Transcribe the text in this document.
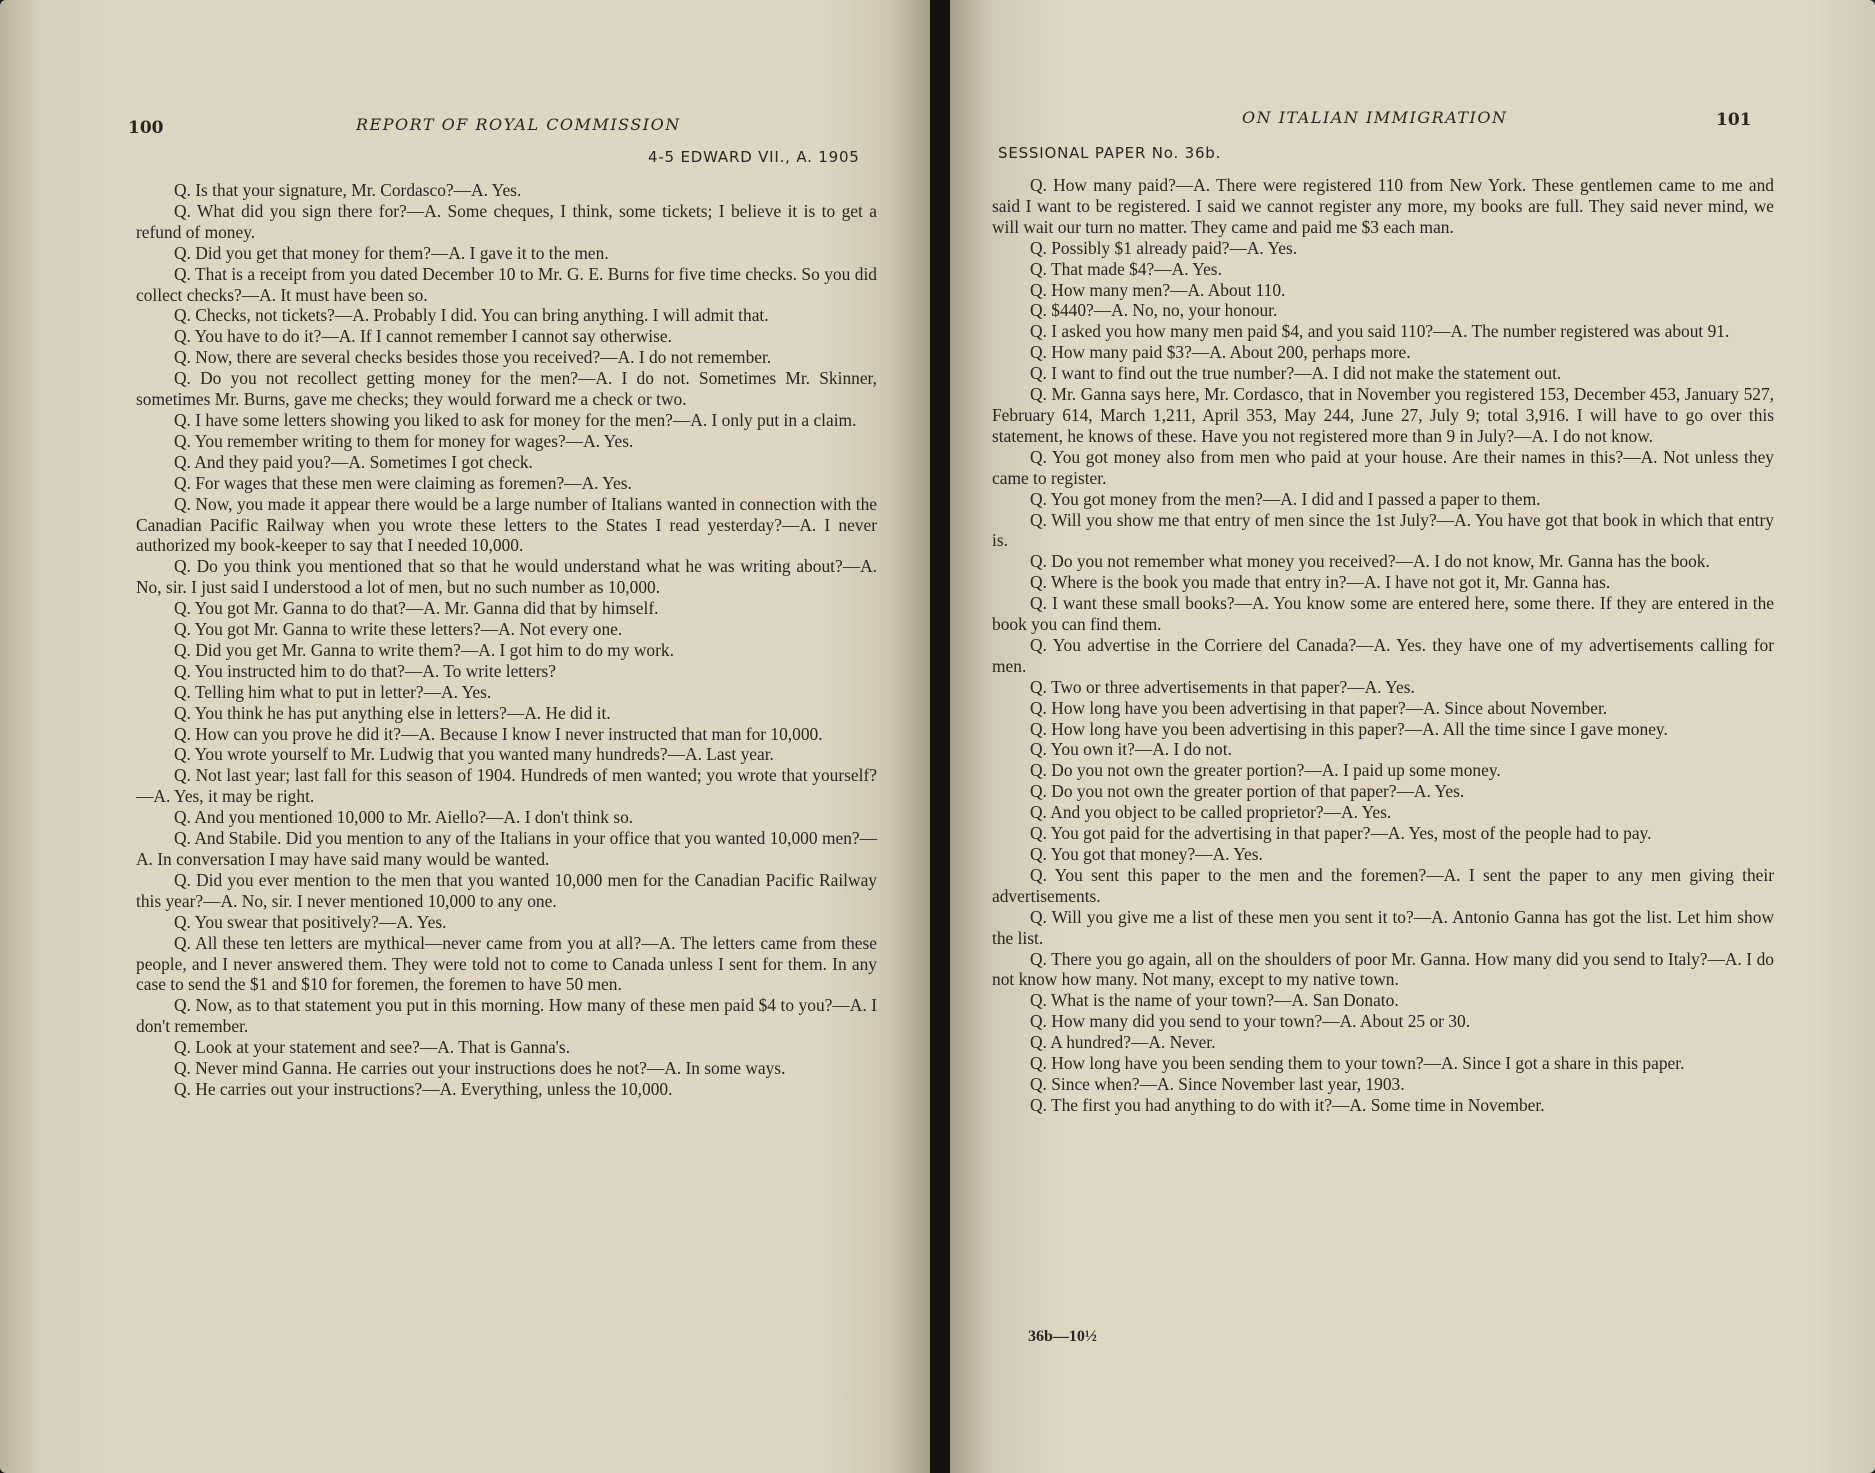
100	REPORT OF ROYAL COMMISSION
4-5 EDWARD VII., A. 1905

Q. Is that your signature, Mr. Cordasco?—A. Yes.

Q. What did you sign there for?—A. Some cheques, I think, some tickets; I believe it is to get a refund of money.

Q. Did you get that money for them?—A. I gave it to the men.

Q. That is a receipt from you dated December 10 to Mr. G. E. Burns for five time checks. So you did collect checks?—A. It must have been so.

Q. Checks, not tickets?—A. Probably I did. You can bring anything. I will admit that.

Q. You have to do it?—A. If I cannot remember I cannot say otherwise.

Q. Now, there are several checks besides those you received?—A. I do not remember.

Q. Do you not recollect getting money for the men?—A. I do not. Sometimes Mr. Skinner, sometimes Mr. Burns, gave me checks; they would forward me a check or two.

Q. I have some letters showing you liked to ask for money for the men?—A. I only put in a claim.

Q. You remember writing to them for money for wages?—A. Yes.

Q. And they paid you?—A. Sometimes I got check.

Q. For wages that these men were claiming as foremen?—A. Yes.

Q. Now, you made it appear there would be a large number of Italians wanted in connection with the Canadian Pacific Railway when you wrote these letters to the States I read yesterday?—A. I never authorized my book-keeper to say that I needed 10,000.

Q. Do you think you mentioned that so that he would understand what he was writing about?—A. No, sir. I just said I understood a lot of men, but no such number as 10,000.

Q. You got Mr. Ganna to do that?—A. Mr. Ganna did that by himself.

Q. You got Mr. Ganna to write these letters?—A. Not every one.

Q. Did you get Mr. Ganna to write them?—A. I got him to do my work.

Q. You instructed him to do that?—A. To write letters?

Q. Telling him what to put in letter?—A. Yes.

Q. You think he has put anything else in letters?—A. He did it.

Q. How can you prove he did it?—A. Because I know I never instructed that man for 10,000.

Q. You wrote yourself to Mr. Ludwig that you wanted many hundreds?—A. Last year.

Q. Not last year; last fall for this season of 1904. Hundreds of men wanted; you wrote that yourself?—A. Yes, it may be right.

Q. And you mentioned 10,000 to Mr. Aiello?—A. I don't think so.

Q. And Stabile. Did you mention to any of the Italians in your office that you wanted 10,000 men?—A. In conversation I may have said many would be wanted.

Q. Did you ever mention to the men that you wanted 10,000 men for the Canadian Pacific Railway this year?—A. No, sir. I never mentioned 10,000 to any one.

Q. You swear that positively?—A. Yes.

Q. All these ten letters are mythical—never came from you at all?—A. The letters came from these people, and I never answered them. They were told not to come to Canada unless I sent for them. In any case to send the $1 and $10 for foremen, the foremen to have 50 men.

Q. Now, as to that statement you put in this morning. How many of these men paid $4 to you?—A. I don't remember.

Q. Look at your statement and see?—A. That is Ganna's.

Q. Never mind Ganna. He carries out your instructions does he not?—A. In some ways.

Q. He carries out your instructions?—A. Everything, unless the 10,000.

ON ITALIAN IMMIGRATION	101
SESSIONAL PAPER No. 36b.

Q. How many paid?—A. There were registered 110 from New York. These gentlemen came to me and said I want to be registered. I said we cannot register any more, my books are full. They said never mind, we will wait our turn no matter. They came and paid me $3 each man.

Q. Possibly $1 already paid?—A. Yes.

Q. That made $4?—A. Yes.

Q. How many men?—A. About 110.

Q. $440?—A. No, no, your honour.

Q. I asked you how many men paid $4, and you said 110?—A. The number registered was about 91.

Q. How many paid $3?—A. About 200, perhaps more.

Q. I want to find out the true number?—A. I did not make the statement out.

Q. Mr. Ganna says here, Mr. Cordasco, that in November you registered 153, December 453, January 527, February 614, March 1,211, April 353, May 244, June 27, July 9; total 3,916. I will have to go over this statement, he knows of these. Have you not registered more than 9 in July?—A. I do not know.

Q. You got money also from men who paid at your house. Are their names in this?—A. Not unless they came to register.

Q. You got money from the men?—A. I did and I passed a paper to them.

Q. Will you show me that entry of men since the 1st July?—A. You have got that book in which that entry is.

Q. Do you not remember what money you received?—A. I do not know, Mr. Ganna has the book.

Q. Where is the book you made that entry in?—A. I have not got it, Mr. Ganna has.

Q. I want these small books?—A. You know some are entered here, some there. If they are entered in the book you can find them.

Q. You advertise in the Corriere del Canada?—A. Yes. they have one of my advertisements calling for men.

Q. Two or three advertisements in that paper?—A. Yes.

Q. How long have you been advertising in that paper?—A. Since about November.

Q. How long have you been advertising in this paper?—A. All the time since I gave money.

Q. You own it?—A. I do not.

Q. Do you not own the greater portion?—A. I paid up some money.

Q. Do you not own the greater portion of that paper?—A. Yes.

Q. And you object to be called proprietor?—A. Yes.

Q. You got paid for the advertising in that paper?—A. Yes, most of the people had to pay.

Q. You got that money?—A. Yes.

Q. You sent this paper to the men and the foremen?—A. I sent the paper to any men giving their advertisements.

Q. Will you give me a list of these men you sent it to?—A. Antonio Ganna has got the list. Let him show the list.

Q. There you go again, all on the shoulders of poor Mr. Ganna. How many did you send to Italy?—A. I do not know how many. Not many, except to my native town.

Q. What is the name of your town?—A. San Donato.

Q. How many did you send to your town?—A. About 25 or 30.

Q. A hundred?—A. Never.

Q. How long have you been sending them to your town?—A. Since I got a share in this paper.

Q. Since when?—A. Since November last year, 1903.

Q. The first you had anything to do with it?—A. Some time in November.

36b—10½
